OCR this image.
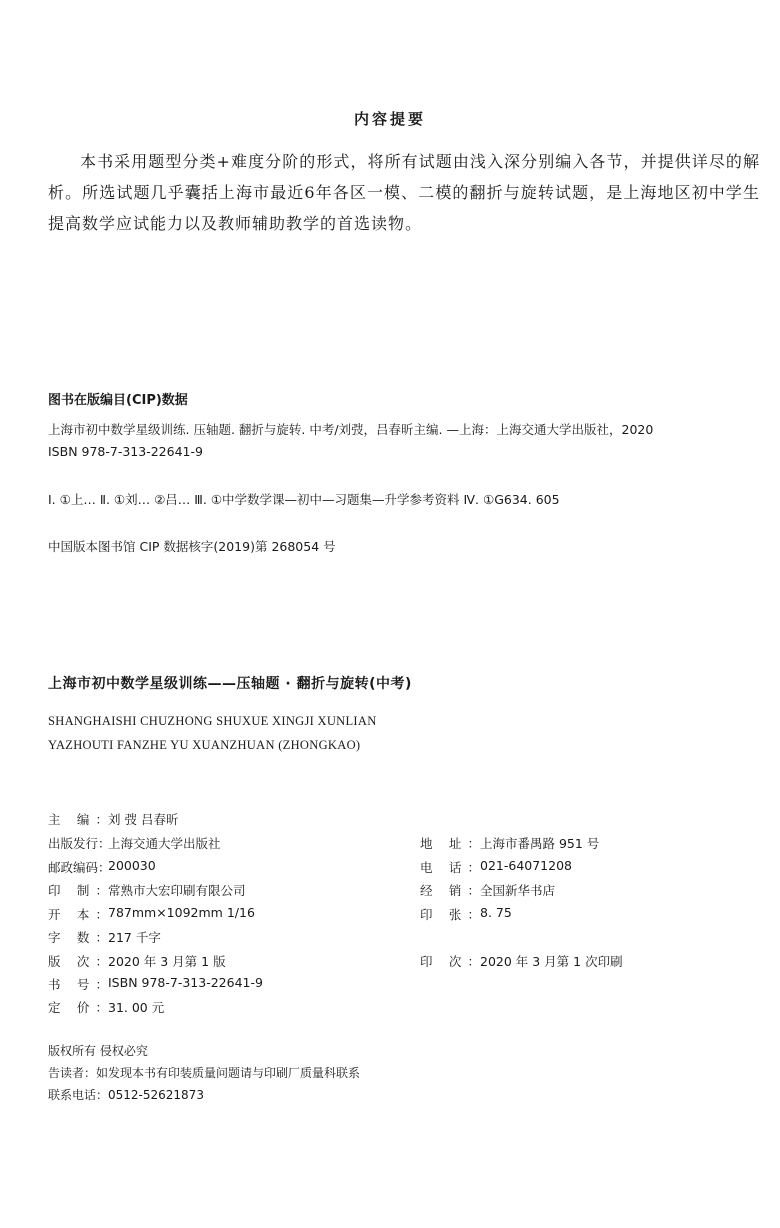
内容提要
本书采用题型分类+难度分阶的形式，将所有试题由浅入深分别编入各节，并提供详尽的解析。所选试题几乎囊括上海市最近6年各区一模、二模的翻折与旋转试题，是上海地区初中学生提高数学应试能力以及教师辅助教学的首选读物。
图书在版编目(CIP)数据
上海市初中数学星级训练. 压轴题. 翻折与旋转. 中考/刘弢，吕春昕主编. —上海：上海交通大学出版社，2020
ISBN 978-7-313-22641-9
Ⅰ. ①上… Ⅱ. ①刘… ②吕… Ⅲ. ①中学数学课—初中—习题集—升学参考资料 Ⅳ. ①G634. 605
中国版本图书馆 CIP 数据核字(2019)第 268054 号
上海市初中数学星级训练——压轴题 · 翻折与旋转(中考)
SHANGHAISHI CHUZHONG SHUXUE XINGJI XUNLIAN
YAZHOUTI FANZHE YU XUANZHUAN (ZHONGKAO)
主 编： 刘 弢 吕春昕
出版发行：
上海交通大学出版社
邮政编码：
200030
印 制： 常熟市大宏印刷有限公司
开 本： 787mm×1092mm 1/16
字 数： 217 千字
版 次： 2020 年 3 月第 1 版
书 号： ISBN 978-7-313-22641-9
定 价： 31. 00 元
地 址： 上海市番禺路 951 号
电 话： 021-64071208
经 销： 全国新华书店
印 张： 8. 75
印 次： 2020 年 3 月第 1 次印刷
版权所有 侵权必究
告读者：如发现本书有印装质量问题请与印刷厂质量科联系
联系电话：0512-52621873
